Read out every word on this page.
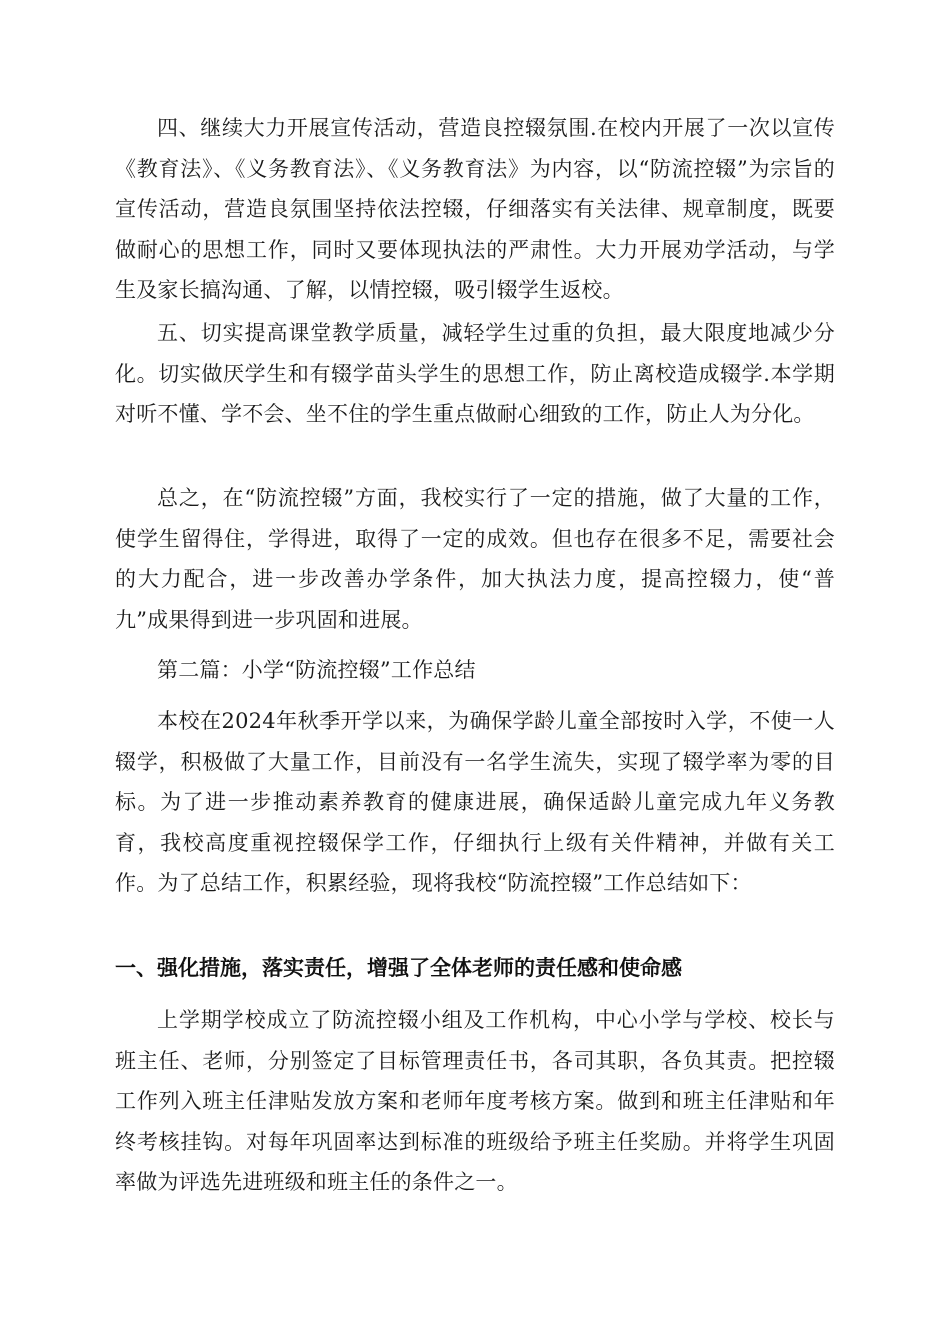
四、继续大力开展宣传活动，营造良控辍氛围.在校内开展了一次以宣传《教育法》、《义务教育法》、《义务教育法》为内容，以“防流控辍”为宗旨的宣传活动，营造良氛围坚持依法控辍，仔细落实有关法律、规章制度，既要做耐心的思想工作，同时又要体现执法的严肃性。大力开展劝学活动，与学生及家长搞沟通、了解，以情控辍，吸引辍学生返校。

五、切实提高课堂教学质量，减轻学生过重的负担，最大限度地减少分化。切实做厌学生和有辍学苗头学生的思想工作，防止离校造成辍学.本学期对听不懂、学不会、坐不住的学生重点做耐心细致的工作，防止人为分化。

总之，在“防流控辍”方面，我校实行了一定的措施，做了大量的工作，使学生留得住，学得进，取得了一定的成效。但也存在很多不足，需要社会的大力配合，进一步改善办学条件，加大执法力度，提高控辍力，使“普九”成果得到进一步巩固和进展。

第二篇：小学“防流控辍”工作总结

本校在2024年秋季开学以来，为确保学龄儿童全部按时入学，不使一人辍学，积极做了大量工作，目前没有一名学生流失，实现了辍学率为零的目标。为了进一步推动素养教育的健康进展，确保适龄儿童完成九年义务教育，我校高度重视控辍保学工作，仔细执行上级有关件精神，并做有关工作。为了总结工作，积累经验，现将我校“防流控辍”工作总结如下：

一、强化措施，落实责任，增强了全体老师的责任感和使命感

上学期学校成立了防流控辍小组及工作机构，中心小学与学校、校长与班主任、老师，分别签定了目标管理责任书，各司其职，各负其责。把控辍工作列入班主任津贴发放方案和老师年度考核方案。做到和班主任津贴和年终考核挂钩。对每年巩固率达到标准的班级给予班主任奖励。并将学生巩固率做为评选先进班级和班主任的条件之一。
